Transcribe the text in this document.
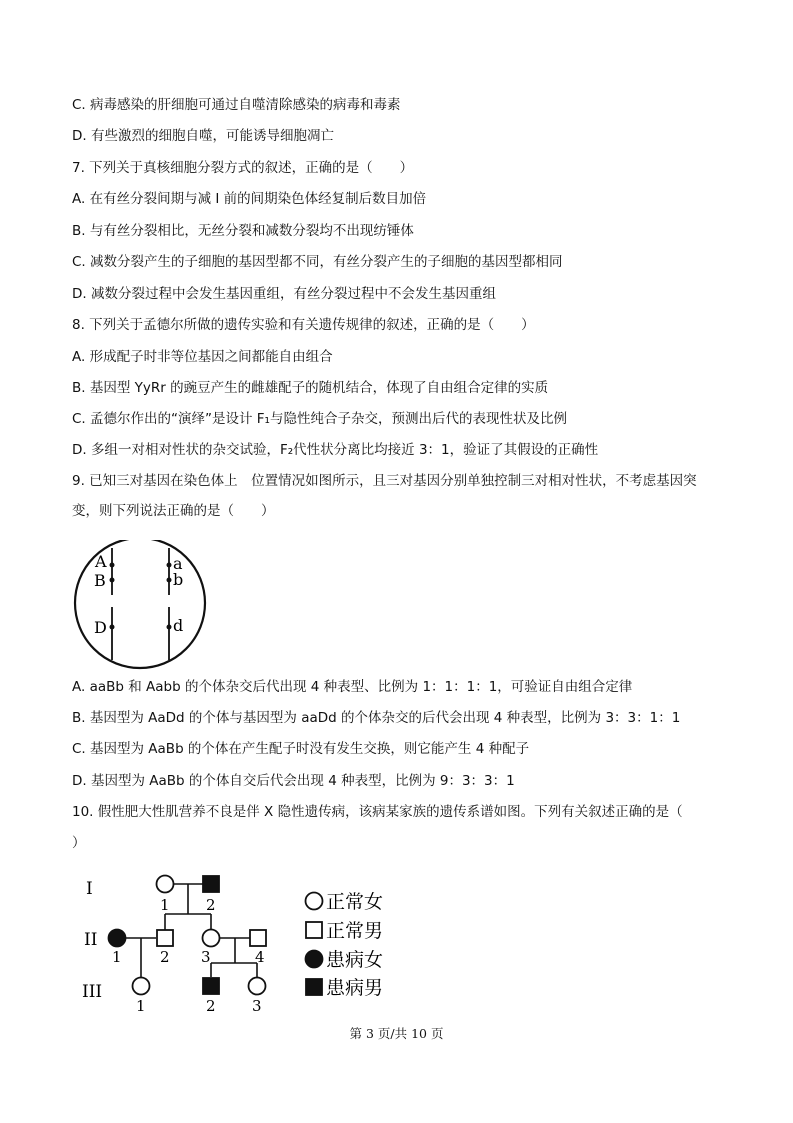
C. 病毒感染的肝细胞可通过自噬清除感染的病毒和毒素
D. 有些激烈的细胞自噬，可能诱导细胞凋亡
7. 下列关于真核细胞分裂方式的叙述，正确的是（　　）
A. 在有丝分裂间期与减 Ⅰ 前的间期染色体经复制后数目加倍
B. 与有丝分裂相比，无丝分裂和减数分裂均不出现纺锤体
C. 减数分裂产生的子细胞的基因型都不同，有丝分裂产生的子细胞的基因型都相同
D. 减数分裂过程中会发生基因重组，有丝分裂过程中不会发生基因重组
8. 下列关于孟德尔所做的遗传实验和有关遗传规律的叙述，正确的是（　　）
A. 形成配子时非等位基因之间都能自由组合
B. 基因型 YyRr 的豌豆产生的雌雄配子的随机结合，体现了自由组合定律的实质
C. 孟德尔作出的“演绎”是设计 F₁与隐性纯合子杂交，预测出后代的表现性状及比例
D. 多组一对相对性状的杂交试验，F₂代性状分离比均接近 3：1，验证了其假设的正确性
9. 已知三对基因在染色体上　位置情况如图所示，且三对基因分别单独控制三对相对性状，不考虑基因突
变，则下列说法正确的是（　　）
A
B
D
a
b
d
A. aaBb 和 Aabb 的个体杂交后代出现 4 种表型、比例为 1：1：1：1，可验证自由组合定律
B. 基因型为 AaDd 的个体与基因型为 aaDd 的个体杂交的后代会出现 4 种表型，比例为 3：3：1：1
C. 基因型为 AaBb 的个体在产生配子时没有发生交换，则它能产生 4 种配子
D. 基因型为 AaBb 的个体自交后代会出现 4 种表型，比例为 9：3：3：1
10. 假性肥大性肌营养不良是伴 X 隐性遗传病，该病某家族的遗传系谱如图。下列有关叙述正确的是（
）
I
II
III
1 2
1	2 3	4
1	2 3
正常女
正常男
患病女
患病男
第 3 页/共 10 页
